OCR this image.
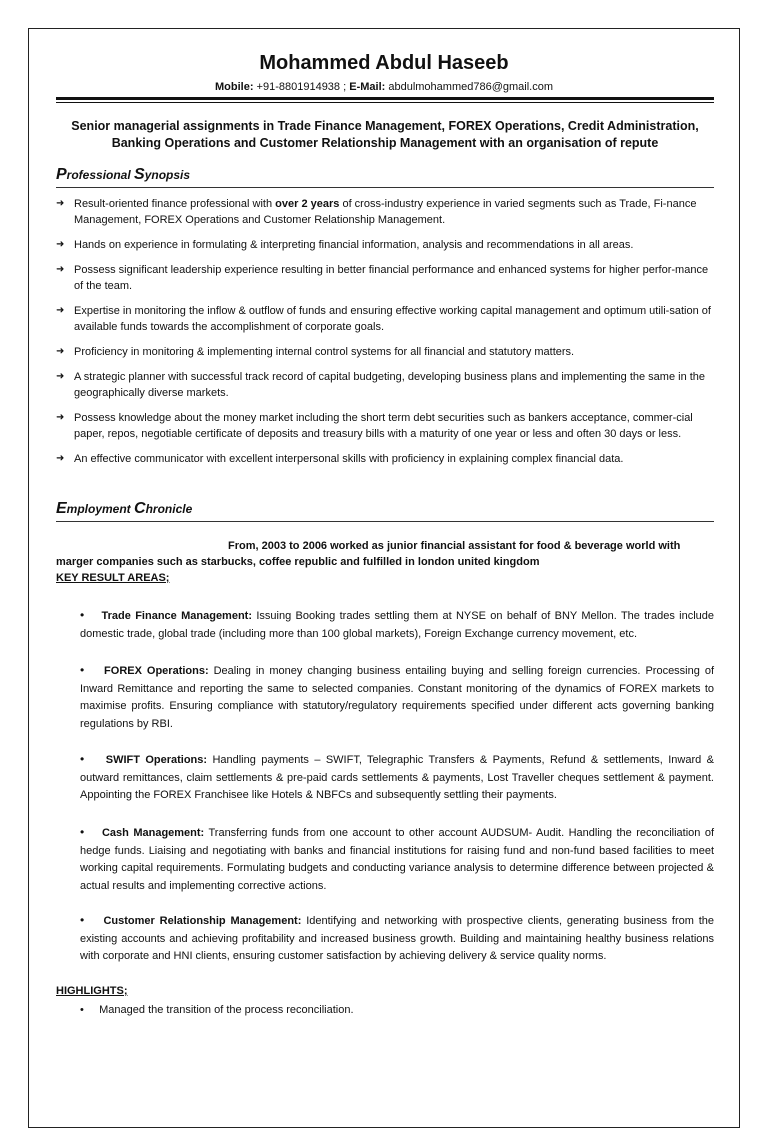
Mohammed Abdul Haseeb
Mobile: +91-8801914938 ; E-Mail: abdulmohammed786@gmail.com
Senior managerial assignments in Trade Finance Management, FOREX Operations, Credit Administration,
Banking Operations and Customer Relationship Management with an organisation of repute
Professional Synopsis
➜ Result-oriented finance professional with over 2 years of cross-industry experience in varied segments such as Trade, Fi-nance Management, FOREX Operations and Customer Relationship Management.
➜ Hands on experience in formulating & interpreting financial information, analysis and recommendations in all areas.
➜ Possess significant leadership experience resulting in better financial performance and enhanced systems for higher perfor-mance of the team.
➜ Expertise in monitoring the inflow & outflow of funds and ensuring effective working capital management and optimum utili-sation of available funds towards the accomplishment of corporate goals.
➜ Proficiency in monitoring & implementing internal control systems for all financial and statutory matters.
➜ A strategic planner with successful track record of capital budgeting, developing business plans and implementing the same in the geographically diverse markets.
➜ Possess knowledge about the money market including the short term debt securities such as bankers acceptance, commer-cial paper, repos, negotiable certificate of deposits and treasury bills with a maturity of one year or less and often 30 days or less.
➜ An effective communicator with excellent interpersonal skills with proficiency in explaining complex financial data.
Employment Chronicle
From, 2003 to 2006 worked as junior financial assistant for food & beverage world with
marger companies such as starbucks, coffee republic and fulfilled in london united kingdom
KEY RESULT AREAS;
• Trade Finance Management: Issuing Booking trades settling them at NYSE on behalf of BNY Mellon. The trades include domestic trade, global trade (including more than 100 global markets), Foreign Exchange currency movement, etc.
• FOREX Operations: Dealing in money changing business entailing buying and selling foreign currencies. Processing of Inward Remittance and reporting the same to selected companies. Constant monitoring of the dynamics of FOREX markets to maximise profits. Ensuring compliance with statutory/regulatory requirements specified under different acts governing banking regulations by RBI.
• SWIFT Operations: Handling payments – SWIFT, Telegraphic Transfers & Payments, Refund & settlements, Inward & outward remittances, claim settlements & pre-paid cards settlements & payments, Lost Traveller cheques settlement & payment. Appointing the FOREX Franchisee like Hotels & NBFCs and subsequently settling their payments.
• Cash Management: Transferring funds from one account to other account AUDSUM- Audit. Handling the reconciliation of hedge funds. Liaising and negotiating with banks and financial institutions for raising fund and non-fund based facilities to meet working capital requirements. Formulating budgets and conducting variance analysis to determine difference between projected & actual results and implementing corrective actions.
• Customer Relationship Management: Identifying and networking with prospective clients, generating business from the existing accounts and achieving profitability and increased business growth. Building and maintaining healthy business relations with corporate and HNI clients, ensuring customer satisfaction by achieving delivery & service quality norms.
HIGHLIGHTS;
• Managed the transition of the process reconciliation.
